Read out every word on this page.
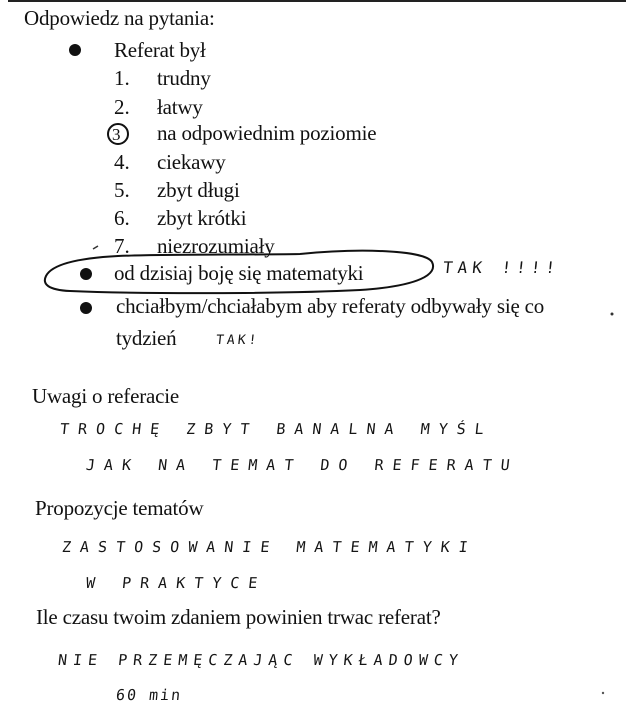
Odpowiedz na pytania:
Referat był
1. trudny
2. łatwy
3 na odpowiednim poziomie
4. ciekawy
5. zbyt długi
6. zbyt krótki
7. niezrozumiały
od dzisiaj boję się matematyki	TAK !!!!
chciałbym/chciałabym aby referaty odbywały się co
tydzień	TAK!
Uwagi o referacie
TROCHĘ ZBYT BANALNA MYŚL
JAK NA TEMAT DO REFERATU
Propozycje tematów
ZASTOSOWANIE MATEMATYKI
W PRAKTYCE
Ile czasu twoim zdaniem powinien trwac referat?
NIE PRZEMĘCZAJĄC WYKŁADOWCY
60 min
